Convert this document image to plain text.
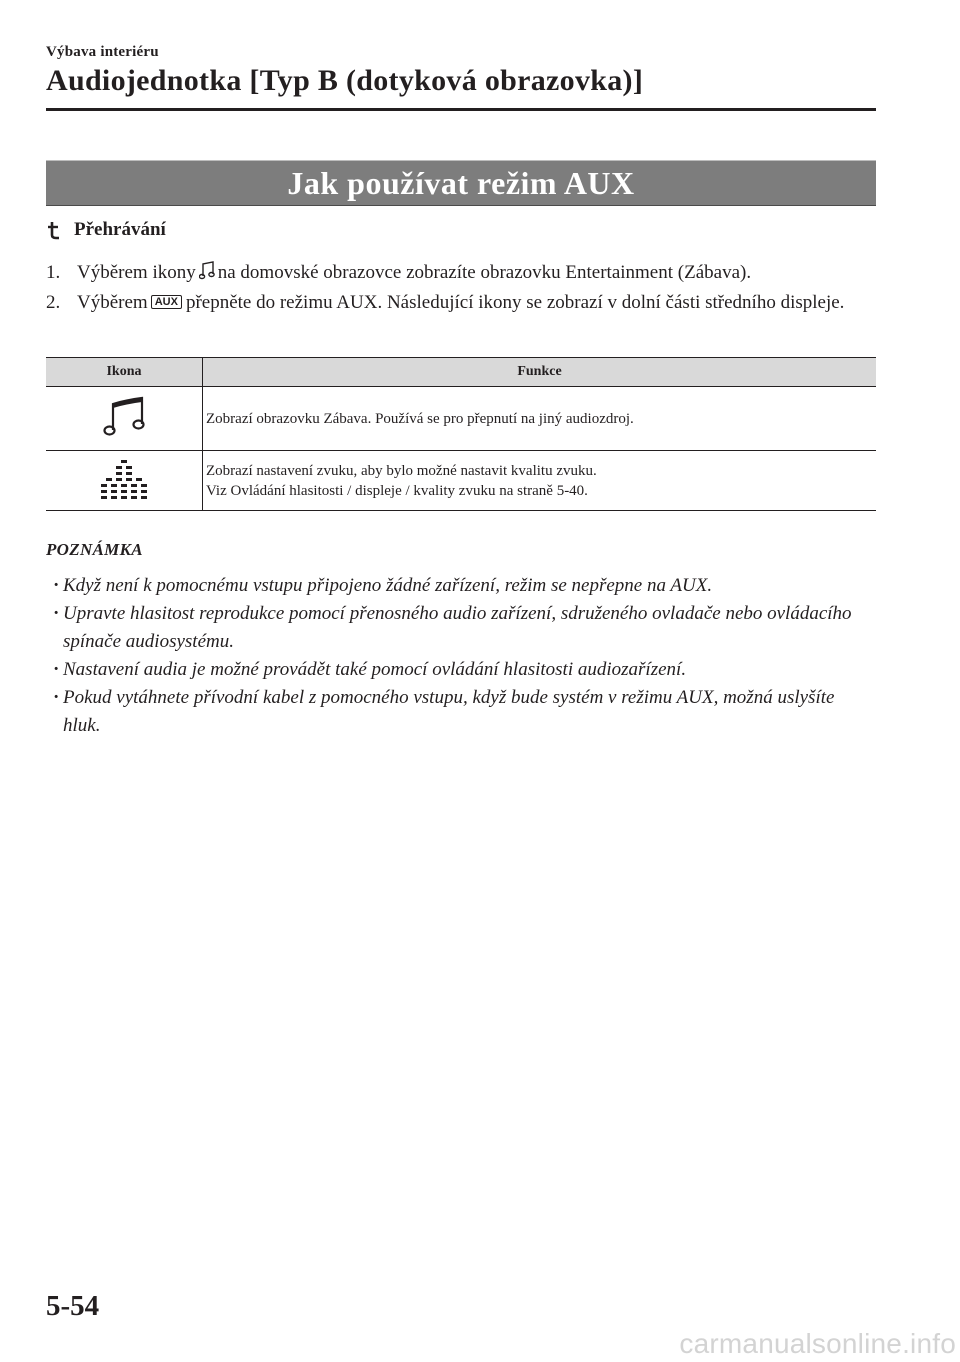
Výbava interiéru
Audiojednotka [Typ B (dotyková obrazovka)]
Jak používat režim AUX
Přehrávání
1. Výběrem ikony na domovské obrazovce zobrazíte obrazovku Entertainment (Zábava).
2. Výběrem AUX přepněte do režimu AUX. Následující ikony se zobrazí v dolní části středního displeje.
Ikona	Funkce

Zobrazí obrazovku Zábava. Používá se pro přepnutí na jiný audiozdroj.

Zobrazí nastavení zvuku, aby bylo možné nastavit kvalitu zvuku.
Viz Ovládání hlasitosti / displeje / kvality zvuku na straně 5-40.
POZNÁMKA
· Když není k pomocnému vstupu připojeno žádné zařízení, režim se nepřepne na AUX.
· Upravte hlasitost reprodukce pomocí přenosného audio zařízení, sdruženého ovladače nebo ovládacího spínače audiosystému.
· Nastavení audia je možné provádět také pomocí ovládání hlasitosti audiozařízení.
· Pokud vytáhnete přívodní kabel z pomocného vstupu, když bude systém v režimu AUX, možná uslyšíte hluk.
5-54
carmanualsonline.info
